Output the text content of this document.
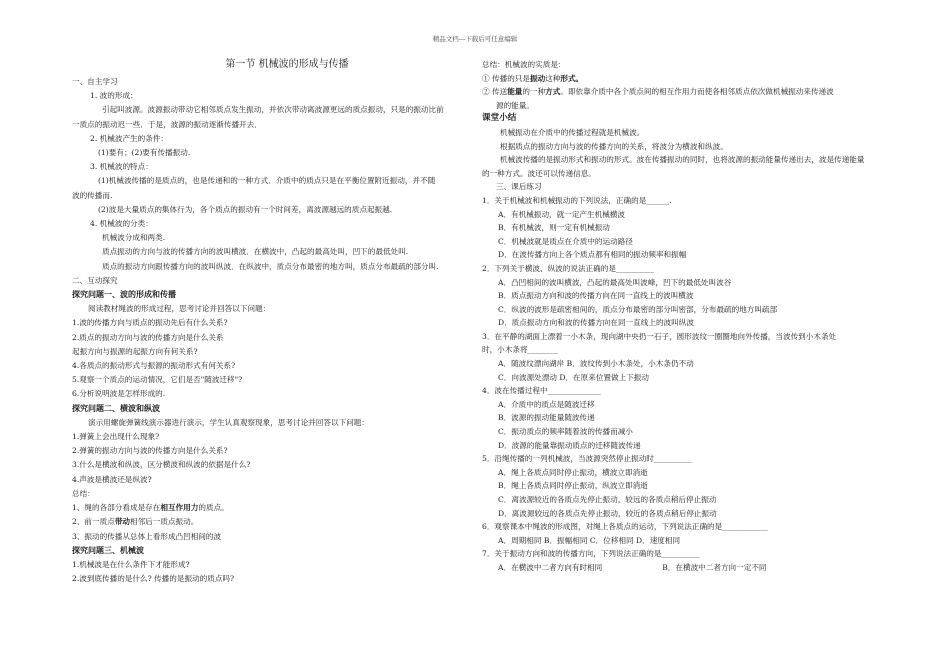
精品文档---下载后可任意编辑
第一节 机械波的形成与传播
一、自主学习
1. 波的形成：
引起叫波源。波源振动带动它相邻质点发生振动，并依次带动离波源更远的质点振动，只是的振动比前
一质点的振动迟一些．于是，波源的振动逐渐传播开去．
2. 机械波产生的条件：
(1)要有；(2)要有传播振动.
3. 机械波的特点：
(1)机械波传播的是质点的，也是传递和的一种方式．介质中的质点只是在平衡位置附近振动，并不随
波的传播而.
(2)波是大量质点的集体行为，各个质点的振动有一个时间差，离波源越远的质点起振越.
4. 机械波的分类：
机械波分成和两类.
质点振动的方向与波的传播方向的波叫横波．在横波中，凸起的最高处叫，凹下的最低处叫.
质点的振动方向跟传播方向的波叫纵波．在纵波中，质点分布最密的地方叫，质点分布最疏的部分叫.
二、互动探究
探究问题一、波的形成和传播
阅读教材绳波的形成过程，思考讨论并回答以下问题：
1.波的传播方向与质点的振动先后有什么关系?
2.质点的振动方向与波的传播方向是什么关系
起振方向与振源的起振方向有何关系?
4.各质点的振动形式与振源的振动形式有何关系?
5.观察一个质点的运动情况，它们是否"随波迁移"?
6.分析说明波是怎样形成的.
探究问题二、横波和纵波
演示用螺旋弹簧线演示器进行演示，学生认真观察现象，思考讨论并回答以下问题：
1.弹簧上会出现什么现象?
2.弹簧的振动方向与波的传播方向是什么关系?
3.什么是横波和纵波，区分横波和纵波的依据是什么?
4.声波是横波还是纵波?
总结：
1、绳的各部分看成是存在相互作用力的质点。
2、前一质点带动相邻后一质点振动。
3、振动的传播从总体上看形成凸凹相间的波
探究问题三、机械波
1.机械波是在什么条件下才能形成?
2.波到底传播的是什么? 传播的是振动的质点吗?
总结：机械波的实质是：
① 传播的只是振动这种形式。
② 传送能量的一种方式。即依靠介质中各个质点间的相互作用力而使各相邻质点依次做机械振动来传递波
源的能量。
课堂小结
机械振动在介质中的传播过程就是机械波。
根据质点的振动方向与波的传播方向的关系，将波分为横波和纵波。
机械波传播的是振动形式和振动的形式。波在传播振动的同时，也将波源的振动能量传递出去，波是传递能量
的一种方式。波还可以传递信息。
三、课后练习
1．关于机械波和机械振动的下列说法，正确的是______.
A．有机械振动，就一定产生机械横波
B．有机械波，则一定有机械振动
C．机械波就是质点在介质中的运动路径
D．在波传播方向上各个质点都有相同的振动频率和振幅
2．下列关于横波、纵波的说法正确的是__________
A．凸凹相间的波叫横波，凸起的最高处叫波峰，凹下的最低处叫波谷
B．质点振动方向和波的传播方向在同一直线上的波叫横波
C．纵波的波形是疏密相间的，质点分布最密的部分叫密部，分布最疏的地方叫疏部
D．质点振动方向和波的传播方向在同一直线上的波叫纵波
3．在平静的湖面上漂着一小木条，现向湖中央扔一石子，圆形波纹一圈圈地向外传播，当波传到小木条处
时，小木条将________
A．随波纹漂向湖岸 B．波纹传到小木条处，小木条仍不动
C．向波源处漂动 D．在原来位置做上下振动
4．波在传播过程中______________
A．介质中的质点是随波迁移
B．波源的振动能量随波传递
C．振动质点的频率随着波的传播而减小
D．波源的能量靠振动质点的迁移随波传递
5．沿绳传播的一列机械波，当波源突然停止振动时__________
A．绳上各质点同时停止振动，横波立即消逝
B．绳上各质点同时停止振动，纵波立即消逝
C．离波源较近的各质点先停止振动，较远的各质点稍后停止振动
D．离波源较远的各质点先停止振动，较近的各质点稍后停止振动
6．观察课本中绳波的形成图，对绳上各质点的运动，下列说法正确的是____________
A．周期相同 B．振幅相同 C．位移相同 D．速度相同
7．关于振动方向和波的传播方向，下列说法正确的是__________
A．在横波中二者方向有时相同	B．在横波中二者方向一定不同
